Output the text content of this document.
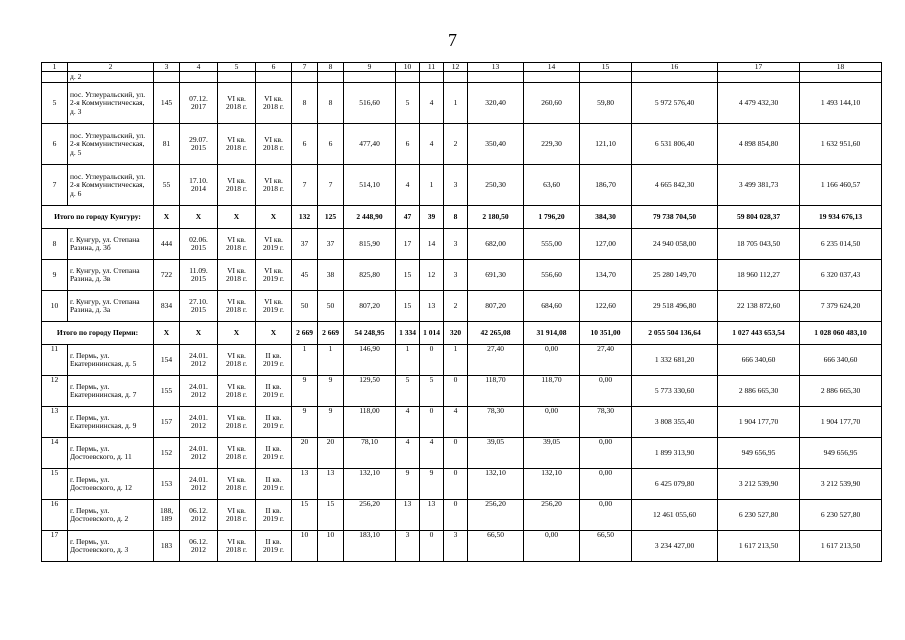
7
1	2	3	4	5	6	7	8	9	10	11	12	13	14	15	16	17	18
	д. 2																
5	пос. Углеуральский, ул. 2-я Коммунистическая, д. 3	145	07.12. 2017	VI кв. 2018 г.	VI кв. 2018 г.	8	8	516,60	5	4	1	320,40	260,60	59,80	5 972 576,40	4 479 432,30	1 493 144,10
6	пос. Углеуральский, ул. 2-я Коммунистическая, д. 5	81	29.07. 2015	VI кв. 2018 г.	VI кв. 2018 г.	6	6	477,40	6	4	2	350,40	229,30	121,10	6 531 806,40	4 898 854,80	1 632 951,60
7	пос. Углеуральский, ул. 2-я Коммунистическая, д. 6	55	17.10. 2014	VI кв. 2018 г.	VI кв. 2018 г.	7	7	514,10	4	1	3	250,30	63,60	186,70	4 665 842,30	3 499 381,73	1 166 460,57
Итого по городу Кунгуру:		X	X	X	X	132	125	2 448,90	47	39	8	2 180,50	1 796,20	384,30	79 738 704,50	59 804 028,37	19 934 676,13
8	г. Кунгур, ул. Степана Разина, д. 3б	444	02.06. 2015	VI кв. 2018 г.	VI кв. 2019 г.	37	37	815,90	17	14	3	682,00	555,00	127,00	24 940 058,00	18 705 043,50	6 235 014,50
9	г. Кунгур, ул. Степана Разина, д. 3в	722	11.09. 2015	VI кв. 2018 г.	VI кв. 2019 г.	45	38	825,80	15	12	3	691,30	556,60	134,70	25 280 149,70	18 960 112,27	6 320 037,43
10	г. Кунгур, ул. Степана Разина, д. 3а	834	27.10. 2015	VI кв. 2018 г.	VI кв. 2019 г.	50	50	807,20	15	13	2	807,20	684,60	122,60	29 518 496,80	22 138 872,60	7 379 624,20
Итого по городу Перми:		X	X	X	X	2 669	2 669	54 248,95	1 334	1 014	320	42 265,08	31 914,08	10 351,00	2 055 504 136,64	1 027 443 653,54	1 028 060 483,10
11	г. Пермь, ул. Екатерининская, д. 5	154	24.01. 2012	VI кв. 2018 г.	II кв. 2019 г.	1	1	146,90	1	0	1	27,40	0,00	27,40	1 332 681,20	666 340,60	666 340,60
12	г. Пермь, ул. Екатерининская, д. 7	155	24.01. 2012	VI кв. 2018 г.	II кв. 2019 г.	9	9	129,50	5	5	0	118,70	118,70	0,00	5 773 330,60	2 886 665,30	2 886 665,30
13	г. Пермь, ул. Екатерининская, д. 9	157	24.01. 2012	VI кв. 2018 г.	II кв. 2019 г.	9	9	118,00	4	0	4	78,30	0,00	78,30	3 808 355,40	1 904 177,70	1 904 177,70
14	г. Пермь, ул. Достоевского, д. 11	152	24.01. 2012	VI кв. 2018 г.	II кв. 2019 г.	20	20	78,10	4	4	0	39,05	39,05	0,00	1 899 313,90	949 656,95	949 656,95
15	г. Пермь, ул. Достоевского, д. 12	153	24.01. 2012	VI кв. 2018 г.	II кв. 2019 г.	13	13	132,10	9	9	0	132,10	132,10	0,00	6 425 079,80	3 212 539,90	3 212 539,90
16	г. Пермь, ул. Достоевского, д. 2	188, 189	06.12. 2012	VI кв. 2018 г.	II кв. 2019 г.	15	15	256,20	13	13	0	256,20	256,20	0,00	12 461 055,60	6 230 527,80	6 230 527,80
17	г. Пермь, ул. Достоевского, д. 3	183	06.12. 2012	VI кв. 2018 г.	II кв. 2019 г.	10	10	183,10	3	0	3	66,50	0,00	66,50	3 234 427,00	1 617 213,50	1 617 213,50
